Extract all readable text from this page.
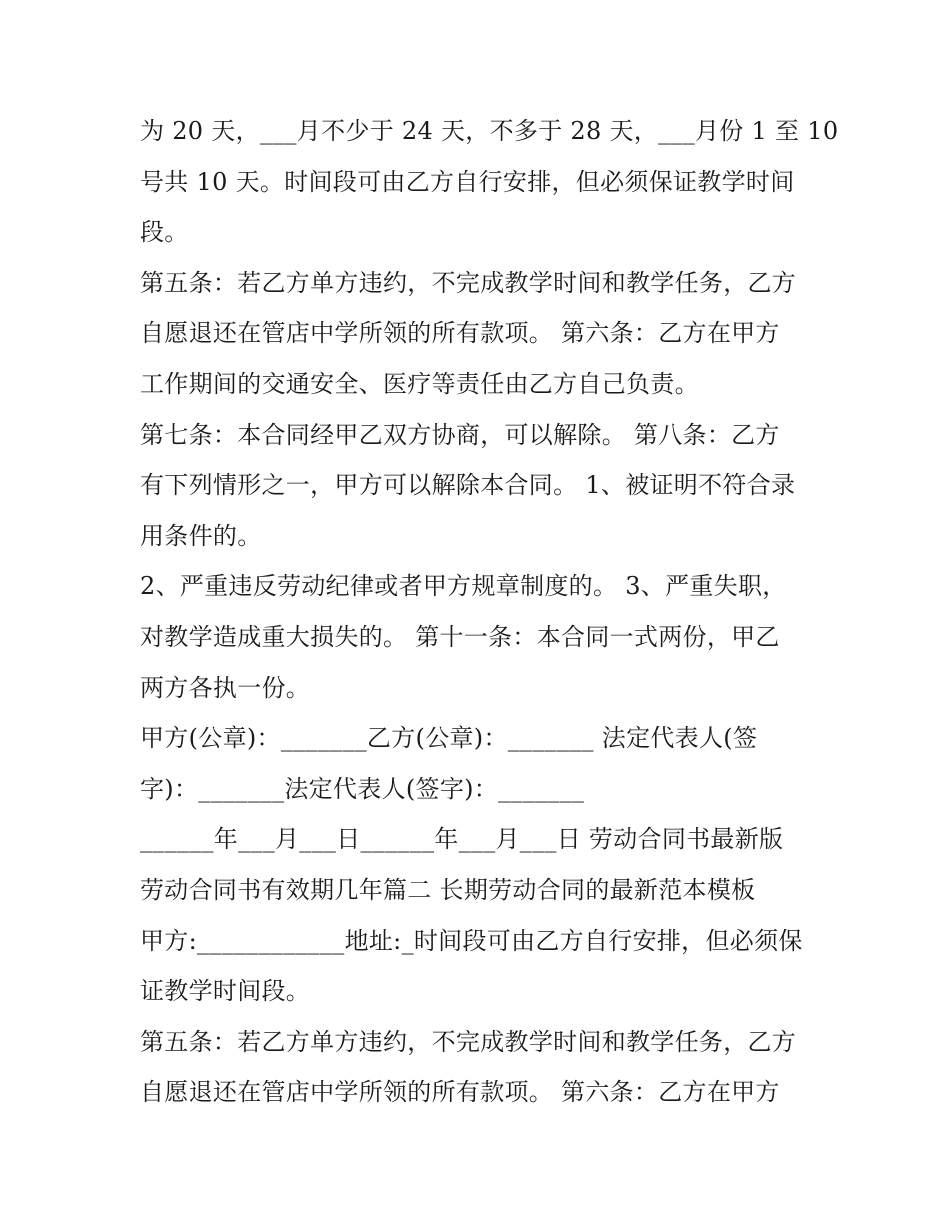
为 20 天，___月不少于 24 天，不多于 28 天，___月份 1 至 10
号共 10 天。时间段可由乙方自行安排，但必须保证教学时间
段。
第五条：若乙方单方违约，不完成教学时间和教学任务，乙方
自愿退还在管店中学所领的所有款项。 第六条：乙方在甲方
工作期间的交通安全、医疗等责任由乙方自己负责。
第七条：本合同经甲乙双方协商，可以解除。 第八条：乙方
有下列情形之一，甲方可以解除本合同。 1、被证明不符合录
用条件的。
2、严重违反劳动纪律或者甲方规章制度的。 3、严重失职，
对教学造成重大损失的。 第十一条：本合同一式两份，甲乙
两方各执一份。
甲方(公章)：_______乙方(公章)：_______ 法定代表人(签
字)：_______法定代表人(签字)：_______
______年___月___日______年___月___日 劳动合同书最新版
劳动合同书有效期几年篇二 长期劳动合同的最新范本模板
甲方:____________地址:_时间段可由乙方自行安排，但必须保
证教学时间段。
第五条：若乙方单方违约，不完成教学时间和教学任务，乙方
自愿退还在管店中学所领的所有款项。 第六条：乙方在甲方
